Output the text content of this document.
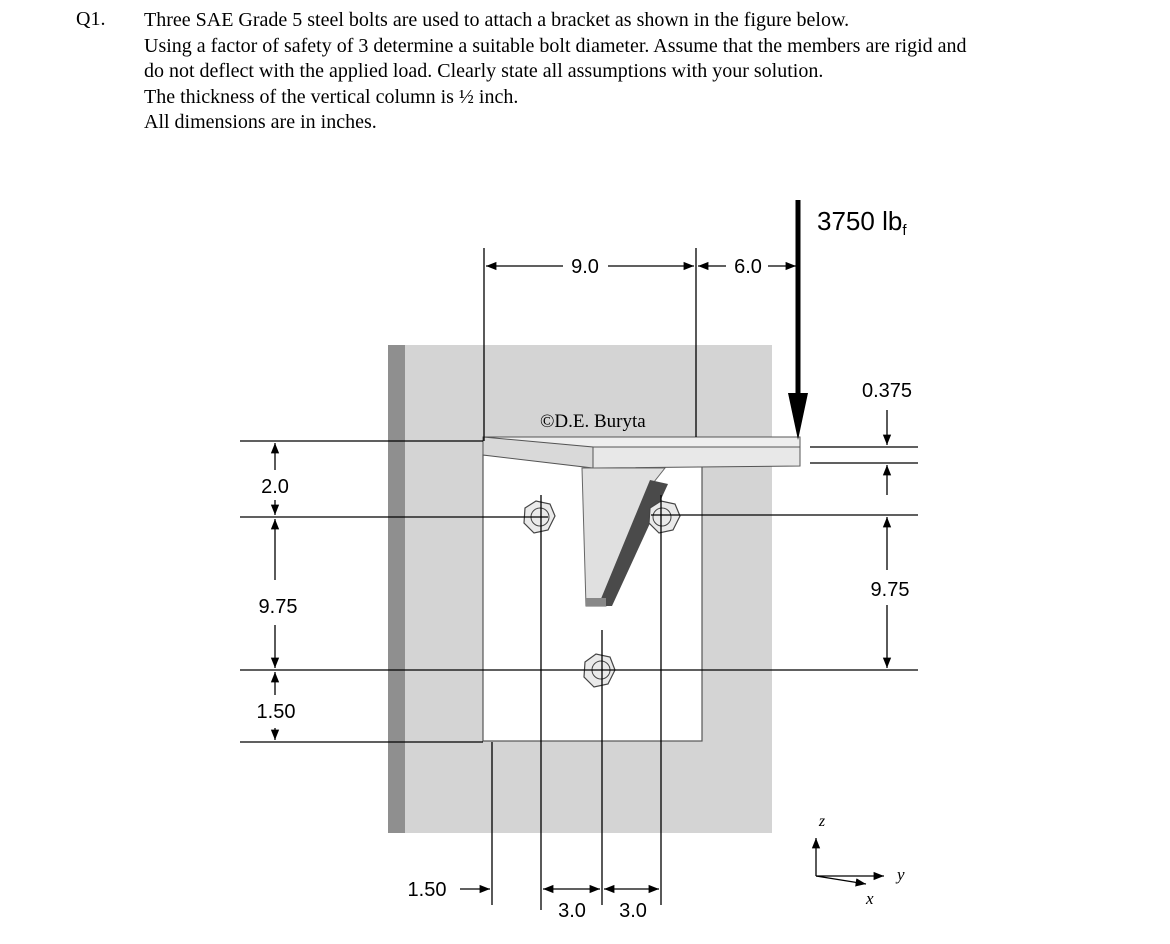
Q1. Three SAE Grade 5 steel bolts are used to attach a bracket as shown in the figure below.
Using a factor of safety of 3 determine a suitable bolt diameter. Assume that the members are rigid and
do not deflect with the applied load. Clearly state all assumptions with your solution.
The thickness of the vertical column is ½ inch.
All dimensions are in inches.
9.0	6.0
3750 lbf
©D.E. Buryta
2.0
9.75
1.50
0.375
9.75
1.50
3.0 3.0
z
y
x
